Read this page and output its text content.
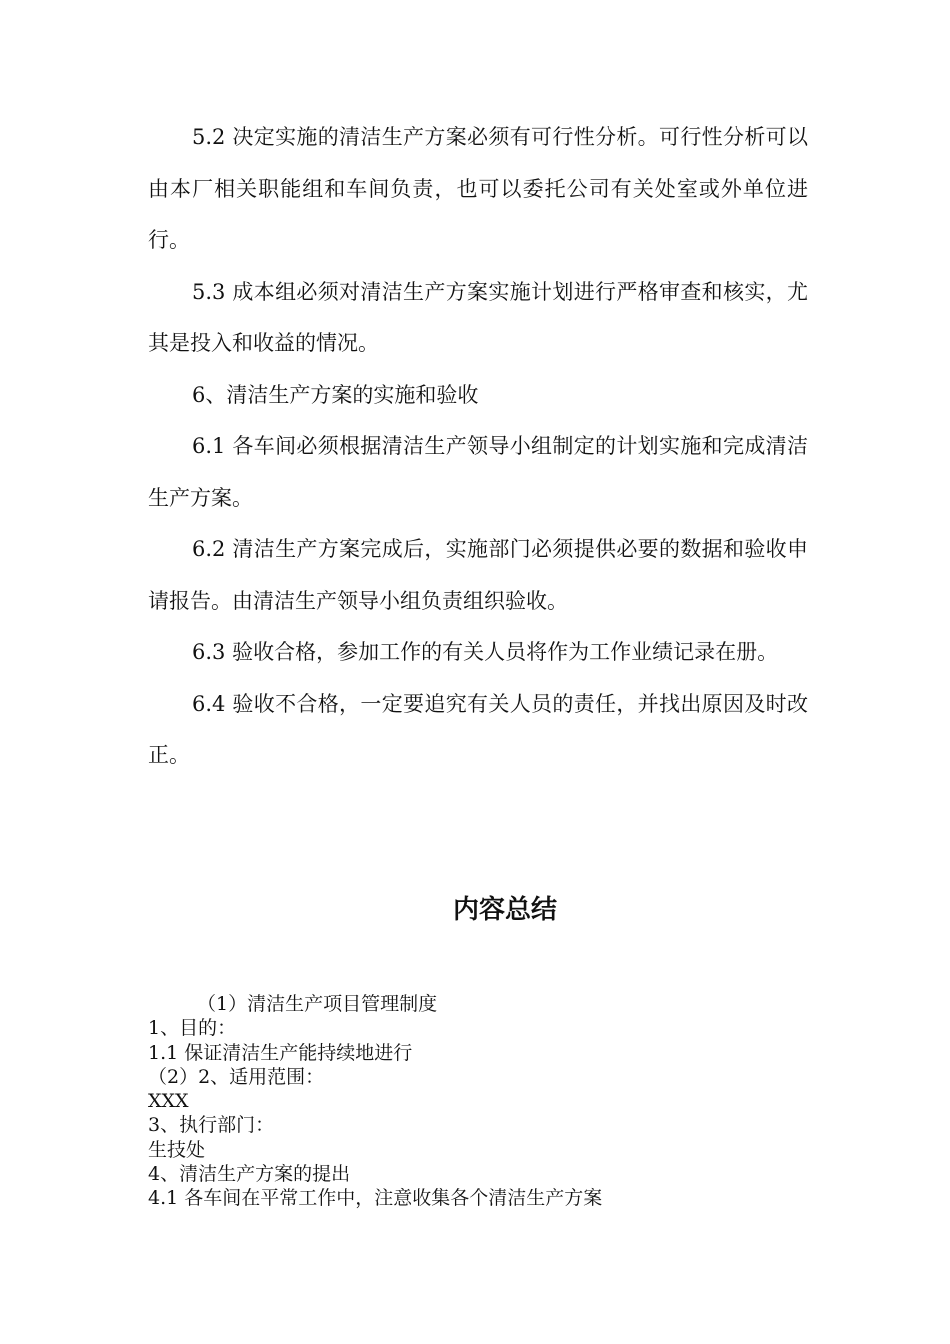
5.2 决定实施的清洁生产方案必须有可行性分析。可行性分析可以由本厂相关职能组和车间负责，也可以委托公司有关处室或外单位进行。

5.3 成本组必须对清洁生产方案实施计划进行严格审查和核实，尤其是投入和收益的情况。

6、清洁生产方案的实施和验收

6.1 各车间必须根据清洁生产领导小组制定的计划实施和完成清洁生产方案。

6.2 清洁生产方案完成后，实施部门必须提供必要的数据和验收申请报告。由清洁生产领导小组负责组织验收。

6.3 验收合格，参加工作的有关人员将作为工作业绩记录在册。

6.4 验收不合格，一定要追究有关人员的责任，并找出原因及时改正。

内容总结

（1）清洁生产项目管理制度

1、目的：

1.1 保证清洁生产能持续地进行

（2）2、适用范围：

XXX

3、执行部门：

生技处

4、清洁生产方案的提出

4.1 各车间在平常工作中，注意收集各个清洁生产方案
